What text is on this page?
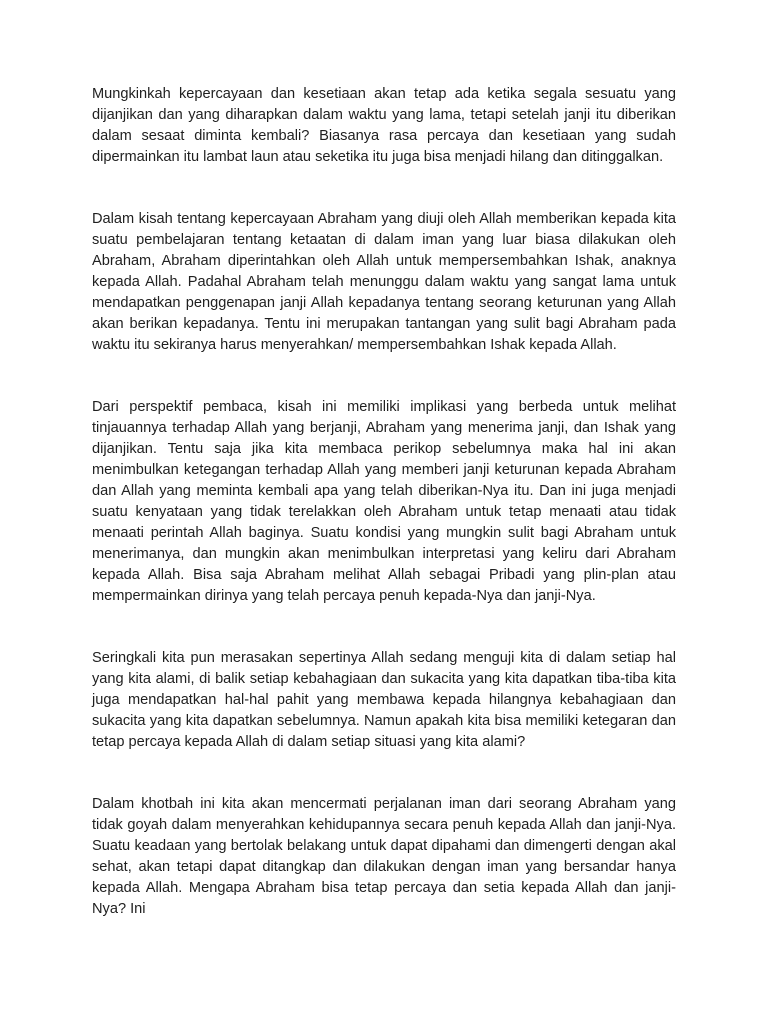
Mungkinkah kepercayaan dan kesetiaan akan tetap ada ketika segala sesuatu yang dijanjikan dan yang diharapkan dalam waktu yang lama, tetapi setelah janji itu diberikan dalam sesaat diminta kembali? Biasanya rasa percaya dan kesetiaan yang sudah dipermainkan itu lambat laun atau seketika itu juga bisa menjadi hilang dan ditinggalkan.

Dalam kisah tentang kepercayaan Abraham yang diuji oleh Allah memberikan kepada kita suatu pembelajaran tentang ketaatan di dalam iman yang luar biasa dilakukan oleh Abraham, Abraham diperintahkan oleh Allah untuk mempersembahkan Ishak, anaknya kepada Allah. Padahal Abraham telah menunggu dalam waktu yang sangat lama untuk mendapatkan penggenapan janji Allah kepadanya tentang seorang keturunan yang Allah akan berikan kepadanya. Tentu ini merupakan tantangan yang sulit bagi Abraham pada waktu itu sekiranya harus menyerahkan/ mempersembahkan Ishak kepada Allah.

Dari perspektif pembaca, kisah ini memiliki implikasi yang berbeda untuk melihat tinjauannya terhadap Allah yang berjanji, Abraham yang menerima janji, dan Ishak yang dijanjikan. Tentu saja jika kita membaca perikop sebelumnya maka hal ini akan menimbulkan ketegangan terhadap Allah yang memberi janji keturunan kepada Abraham dan Allah yang meminta kembali apa yang telah diberikan-Nya itu. Dan ini juga menjadi suatu kenyataan yang tidak terelakkan oleh Abraham untuk tetap menaati atau tidak menaati perintah Allah baginya. Suatu kondisi yang mungkin sulit bagi Abraham untuk menerimanya, dan mungkin akan menimbulkan interpretasi yang keliru dari Abraham kepada Allah. Bisa saja Abraham melihat Allah sebagai Pribadi yang plin-plan atau mempermainkan dirinya yang telah percaya penuh kepada-Nya dan janji-Nya.

Seringkali kita pun merasakan sepertinya Allah sedang menguji kita di dalam setiap hal yang kita alami, di balik setiap kebahagiaan dan sukacita yang kita dapatkan tiba-tiba kita juga mendapatkan hal-hal pahit yang membawa kepada hilangnya kebahagiaan dan sukacita yang kita dapatkan sebelumnya. Namun apakah kita bisa memiliki ketegaran dan tetap percaya kepada Allah di dalam setiap situasi yang kita alami?

Dalam khotbah ini kita akan mencermati perjalanan iman dari seorang Abraham yang tidak goyah dalam menyerahkan kehidupannya secara penuh kepada Allah dan janji-Nya. Suatu keadaan yang bertolak belakang untuk dapat dipahami dan dimengerti dengan akal sehat, akan tetapi dapat ditangkap dan dilakukan dengan iman yang bersandar hanya kepada Allah. Mengapa Abraham bisa tetap percaya dan setia kepada Allah dan janji-Nya? Ini
